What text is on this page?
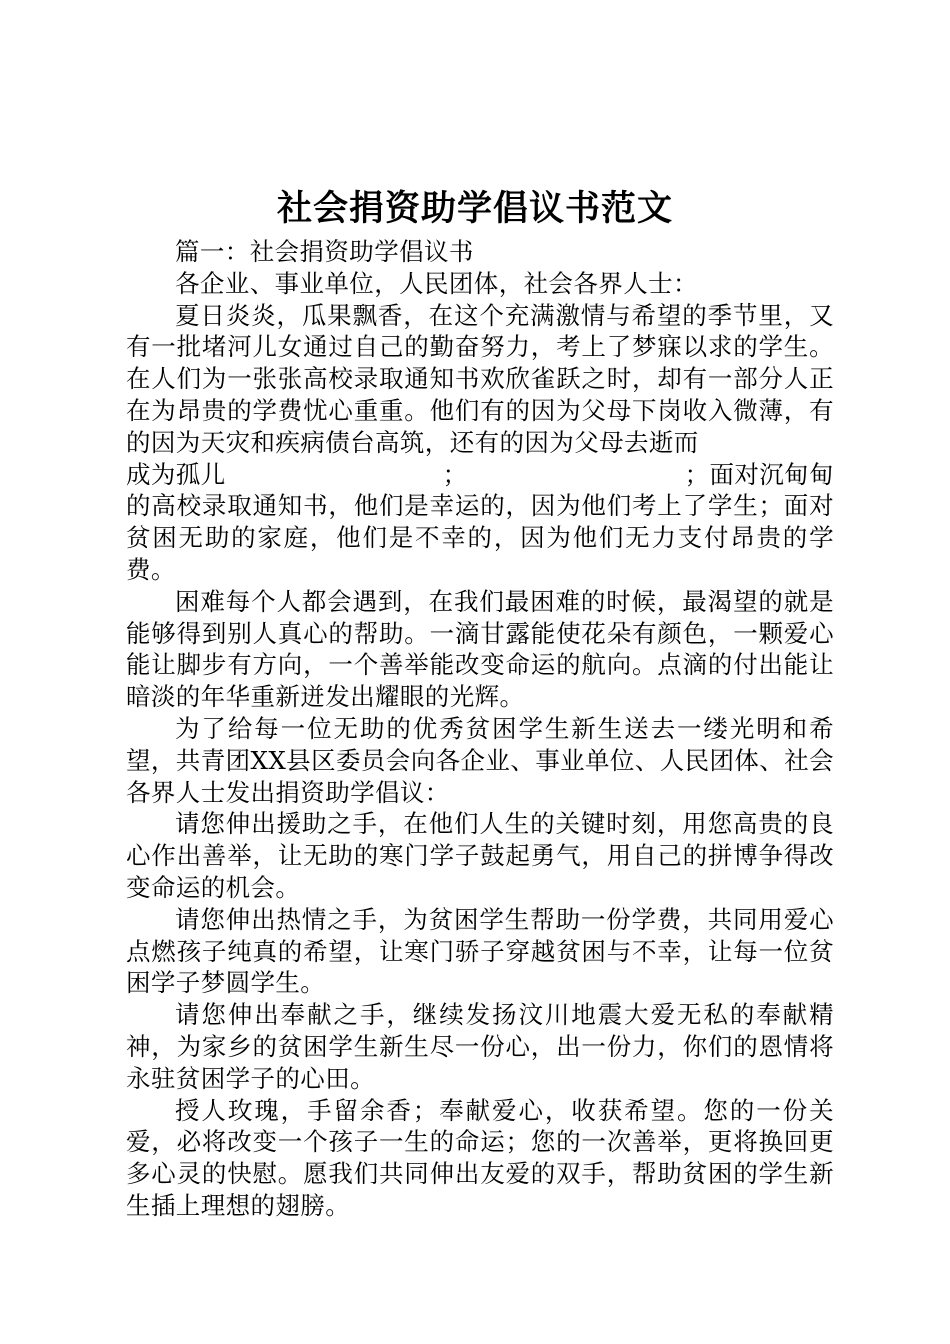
社会捐资助学倡议书范文

篇一：社会捐资助学倡议书

各企业、事业单位，人民团体，社会各界人士：

夏日炎炎，瓜果飘香，在这个充满激情与希望的季节里，又有一批堵河儿女通过自己的勤奋努力，考上了梦寐以求的学生。在人们为一张张高校录取通知书欢欣雀跃之时，却有一部分人正在为昂贵的学费忧心重重。他们有的因为父母下岗收入微薄，有的因为天灾和疾病债台高筑，还有的因为父母去逝而

成为孤儿	；	；面对沉甸甸
的高校录取通知书，他们是幸运的，因为他们考上了学生；面对贫困无助的家庭，他们是不幸的，因为他们无力支付昂贵的学费。

困难每个人都会遇到，在我们最困难的时候，最渴望的就是能够得到别人真心的帮助。一滴甘露能使花朵有颜色，一颗爱心能让脚步有方向，一个善举能改变命运的航向。点滴的付出能让暗淡的年华重新迸发出耀眼的光辉。

为了给每一位无助的优秀贫困学生新生送去一缕光明和希望，共青团XX县区委员会向各企业、事业单位、人民团体、社会各界人士发出捐资助学倡议：

请您伸出援助之手，在他们人生的关键时刻，用您高贵的良心作出善举，让无助的寒门学子鼓起勇气，用自己的拼博争得改变命运的机会。

请您伸出热情之手，为贫困学生帮助一份学费，共同用爱心点燃孩子纯真的希望，让寒门骄子穿越贫困与不幸，让每一位贫困学子梦圆学生。

请您伸出奉献之手，继续发扬汶川地震大爱无私的奉献精神，为家乡的贫困学生新生尽一份心，出一份力，你们的恩情将永驻贫困学子的心田。

授人玫瑰，手留余香；奉献爱心，收获希望。您的一份关爱，必将改变一个孩子一生的命运；您的一次善举，更将换回更多心灵的快慰。愿我们共同伸出友爱的双手，帮助贫困的学生新生插上理想的翅膀。
